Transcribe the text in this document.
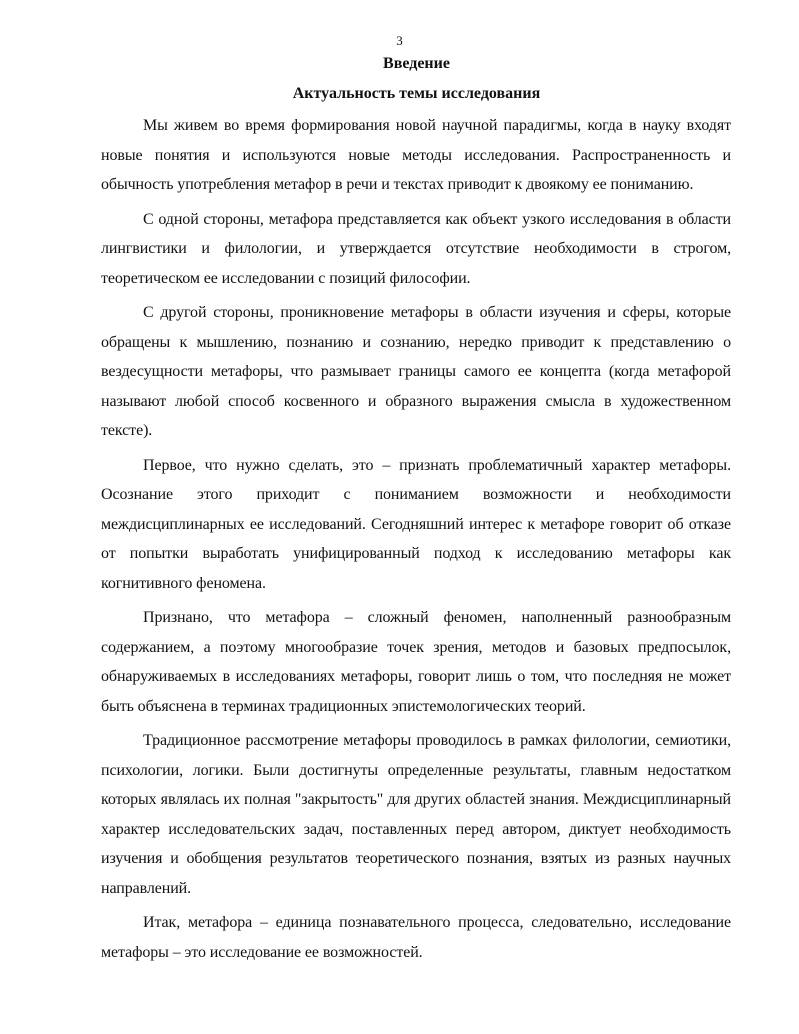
3
Введение
Актуальность темы исследования

Мы живем во время формирования новой научной парадигмы, когда в науку входят новые понятия и используются новые методы исследования. Распространенность и обычность употребления метафор в речи и текстах приводит к двоякому ее пониманию.

С одной стороны, метафора представляется как объект узкого исследования в области лингвистики и филологии, и утверждается отсутствие необходимости в строгом, теоретическом ее исследовании с позиций философии.

С другой стороны, проникновение метафоры в области изучения и сферы, которые обращены к мышлению, познанию и сознанию, нередко приводит к представлению о вездесущности метафоры, что размывает границы самого ее концепта (когда метафорой называют любой способ косвенного и образного выражения смысла в художественном тексте).

Первое, что нужно сделать, это – признать проблематичный характер метафоры. Осознание этого приходит с пониманием возможности и необходимости междисциплинарных ее исследований. Сегодняшний интерес к метафоре говорит об отказе от попытки выработать унифицированный подход к исследованию метафоры как когнитивного феномена.

Признано, что метафора – сложный феномен, наполненный разнообразным содержанием, а поэтому многообразие точек зрения, методов и базовых предпосылок, обнаруживаемых в исследованиях метафоры, говорит лишь о том, что последняя не может быть объяснена в терминах традиционных эпистемологических теорий.

Традиционное рассмотрение метафоры проводилось в рамках филологии, семиотики, психологии, логики. Были достигнуты определенные результаты, главным недостатком которых являлась их полная "закрытость" для других областей знания. Междисциплинарный характер исследовательских задач, поставленных перед автором, диктует необходимость изучения и обобщения результатов теоретического познания, взятых из разных научных направлений.

Итак, метафора – единица познавательного процесса, следовательно, исследование метафоры – это исследование ее возможностей.
